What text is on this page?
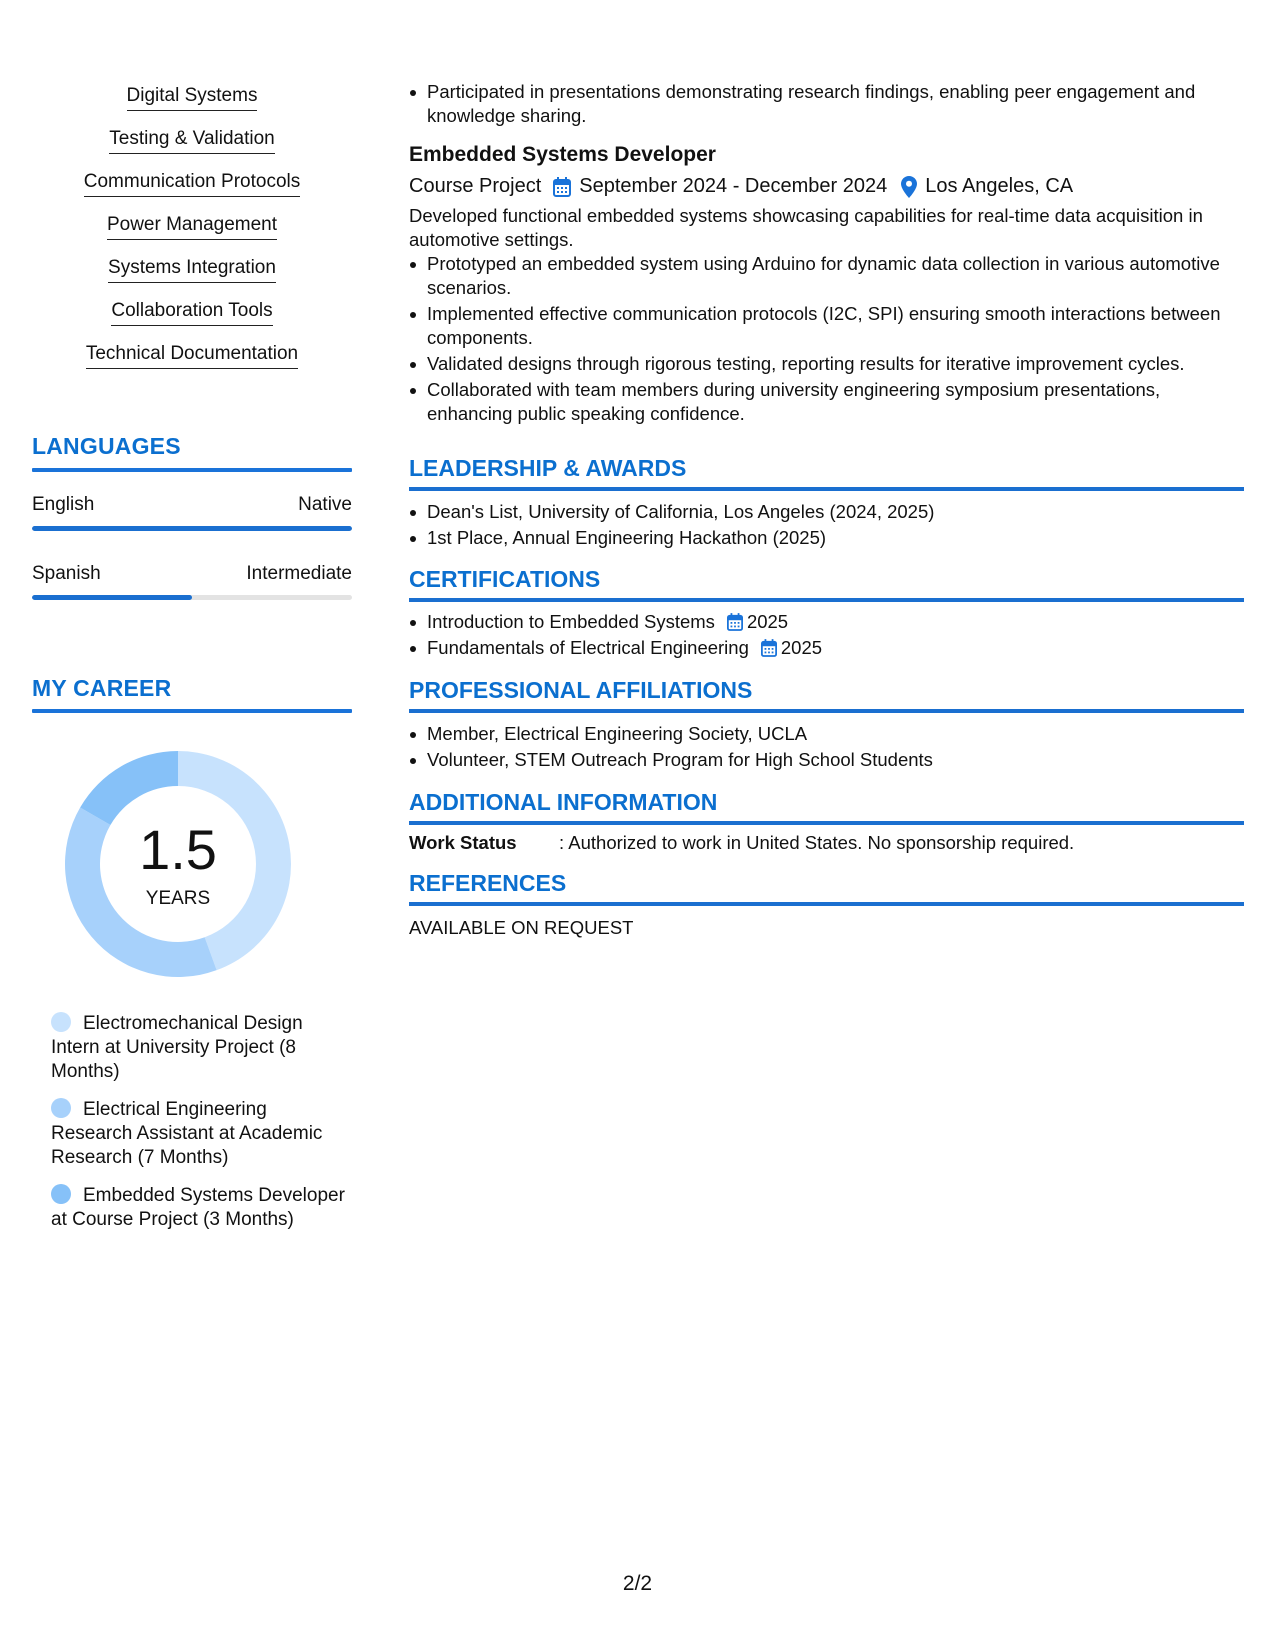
Digital Systems
Testing & Validation
Communication Protocols
Power Management
Systems Integration
Collaboration Tools
Technical Documentation
LANGUAGES
English	Native
Spanish	Intermediate
MY CAREER
1.5
YEARS
Electromechanical Design Intern at University Project (8 Months)
Electrical Engineering Research Assistant at Academic Research (7 Months)
Embedded Systems Developer at Course Project (3 Months)
Participated in presentations demonstrating research findings, enabling peer engagement and knowledge sharing.
Embedded Systems Developer
Course Project September 2024 - December 2024 Los Angeles, CA
Developed functional embedded systems showcasing capabilities for real-time data acquisition in automotive settings.
Prototyped an embedded system using Arduino for dynamic data collection in various automotive scenarios.
Implemented effective communication protocols (I2C, SPI) ensuring smooth interactions between components.
Validated designs through rigorous testing, reporting results for iterative improvement cycles.
Collaborated with team members during university engineering symposium presentations, enhancing public speaking confidence.
LEADERSHIP & AWARDS
Dean's List, University of California, Los Angeles (2024, 2025)
1st Place, Annual Engineering Hackathon (2025)
CERTIFICATIONS
Introduction to Embedded Systems 2025
Fundamentals of Electrical Engineering 2025
PROFESSIONAL AFFILIATIONS
Member, Electrical Engineering Society, UCLA
Volunteer, STEM Outreach Program for High School Students
ADDITIONAL INFORMATION
Work Status : Authorized to work in United States. No sponsorship required.
REFERENCES
AVAILABLE ON REQUEST
2/2
